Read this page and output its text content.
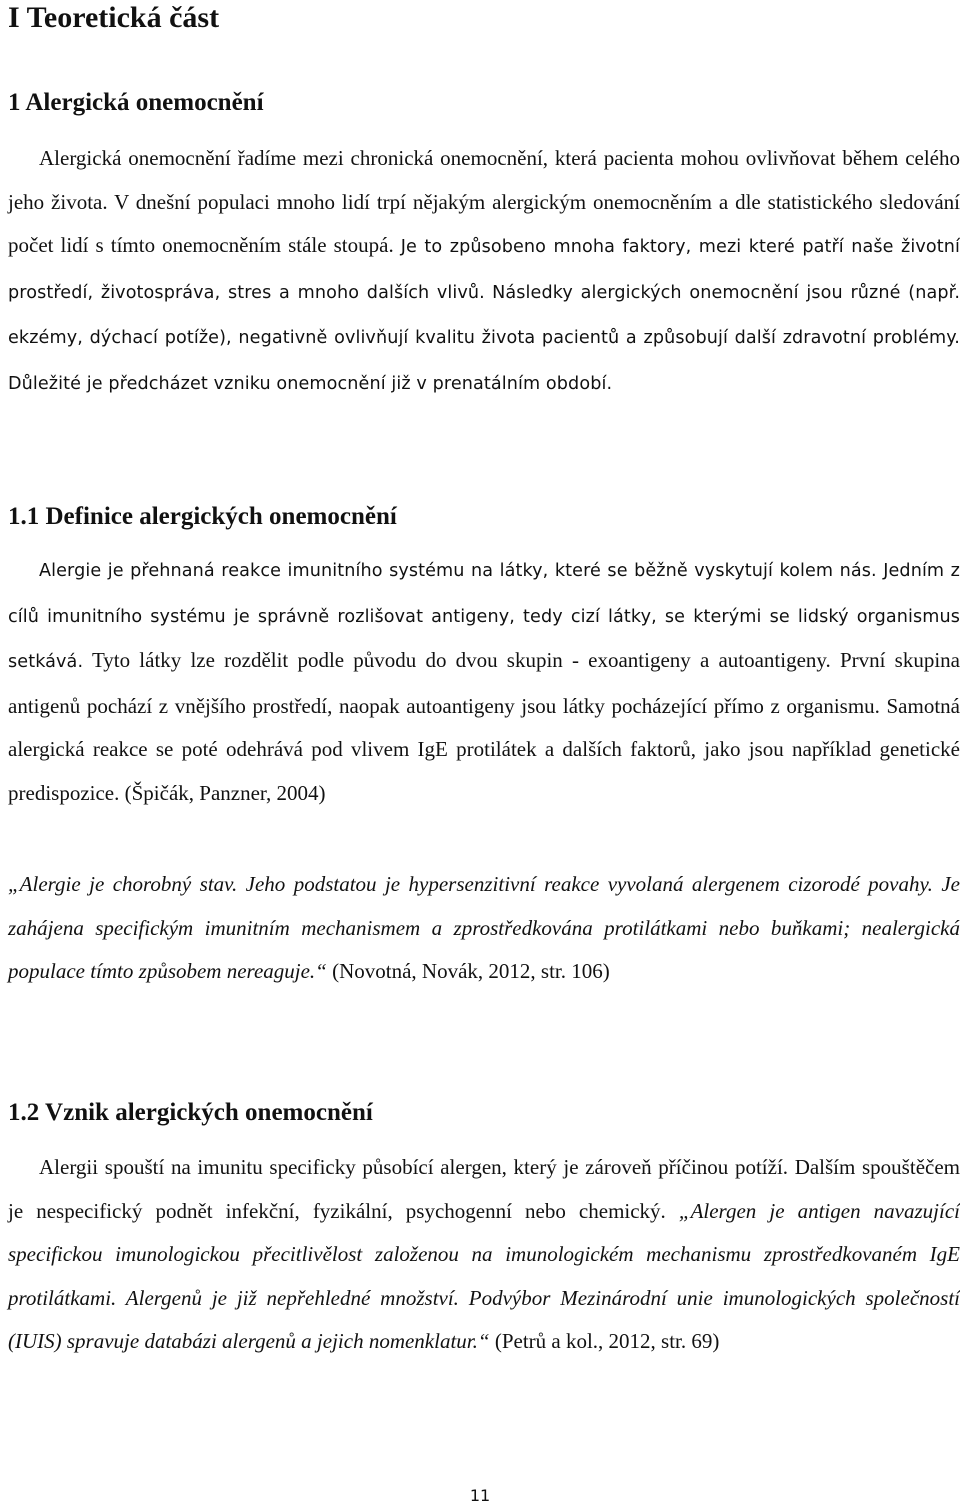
I Teoretická část
1 Alergická onemocnění

Alergická onemocnění řadíme mezi chronická onemocnění, která pacienta mohou ovlivňovat během celého jeho života. V dnešní populaci mnoho lidí trpí nějakým alergickým onemocněním a dle statistického sledování počet lidí s tímto onemocněním stále stoupá. Je to způsobeno mnoha faktory, mezi které patří naše životní prostředí, životospráva, stres a mnoho dalších vlivů. Následky alergických onemocnění jsou různé (např. ekzémy, dýchací potíže), negativně ovlivňují kvalitu života pacientů a způsobují další zdravotní problémy. Důležité je předcházet vzniku onemocnění již v prenatálním období.

1.1 Definice alergických onemocnění

Alergie je přehnaná reakce imunitního systému na látky, které se běžně vyskytují kolem nás. Jedním z cílů imunitního systému je správně rozlišovat antigeny, tedy cizí látky, se kterými se lidský organismus setkává. Tyto látky lze rozdělit podle původu do dvou skupin - exoantigeny a autoantigeny. První skupina antigenů pochází z vnějšího prostředí, naopak autoantigeny jsou látky pocházející přímo z organismu. Samotná alergická reakce se poté odehrává pod vlivem IgE protilátek a dalších faktorů, jako jsou například genetické predispozice. (Špičák, Panzner, 2004)

„Alergie je chorobný stav. Jeho podstatou je hypersenzitivní reakce vyvolaná alergenem cizorodé povahy. Je zahájena specifickým imunitním mechanismem a zprostředkována protilátkami nebo buňkami; nealergická populace tímto způsobem nereaguje.“ (Novotná, Novák, 2012, str. 106)

1.2 Vznik alergických onemocnění

Alergii spouští na imunitu specificky působící alergen, který je zároveň příčinou potíží. Dalším spouštěčem je nespecifický podnět infekční, fyzikální, psychogenní nebo chemický. „Alergen je antigen navazující specifickou imunologickou přecitlivělost založenou na imunologickém mechanismu zprostředkovaném IgE protilátkami. Alergenů je již nepřehledné množství. Podvýbor Mezinárodní unie imunologických společností (IUIS) spravuje databázi alergenů a jejich nomenklatur.“ (Petrů a kol., 2012, str. 69)

11
